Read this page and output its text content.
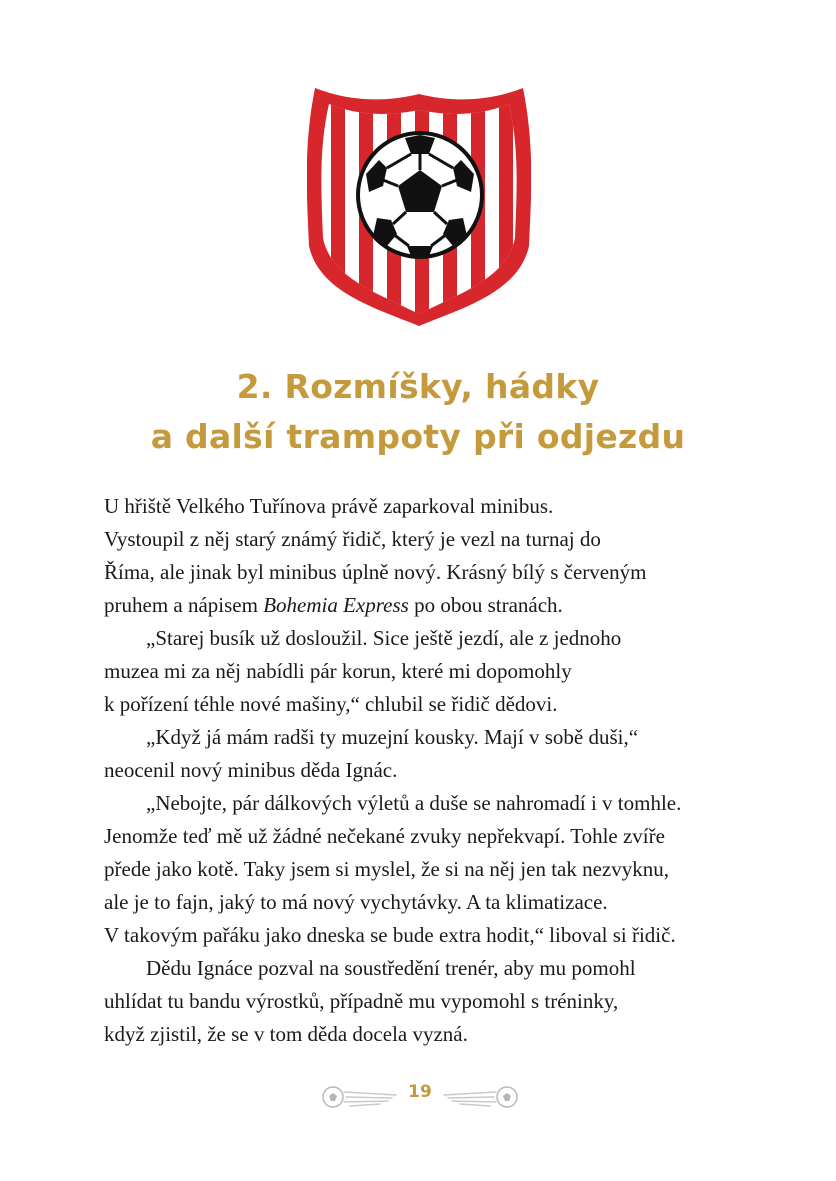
2. Rozmíšky, hádky
a další trampoty při odjezdu

U hřiště Velkého Tuřínova právě zaparkoval minibus.

Vystoupil z něj starý známý řidič, který je vezl na turnaj do

Říma, ale jinak byl minibus úplně nový. Krásný bílý s červeným

pruhem a nápisem Bohemia Express po obou stranách.

„Starej busík už dosloužil. Sice ještě jezdí, ale z jednoho

muzea mi za něj nabídli pár korun, které mi dopomohly

k pořízení téhle nové mašiny,“ chlubil se řidič dědovi.

„Když já mám radši ty muzejní kousky. Mají v sobě duši,“

neocenil nový minibus děda Ignác.

„Nebojte, pár dálkových výletů a duše se nahromadí i v tomhle.

Jenomže teď mě už žádné nečekané zvuky nepřekvapí. Tohle zvíře

přede jako kotě. Taky jsem si myslel, že si na něj jen tak nezvyknu,

ale je to fajn, jaký to má nový vychytávky. A ta klimatizace.

V takovým pařáku jako dneska se bude extra hodit,“ liboval si řidič.

Dědu Ignáce pozval na soustředění trenér, aby mu pomohl

uhlídat tu bandu výrostků, případně mu vypomohl s tréninky,

když zjistil, že se v tom děda docela vyzná.

19
